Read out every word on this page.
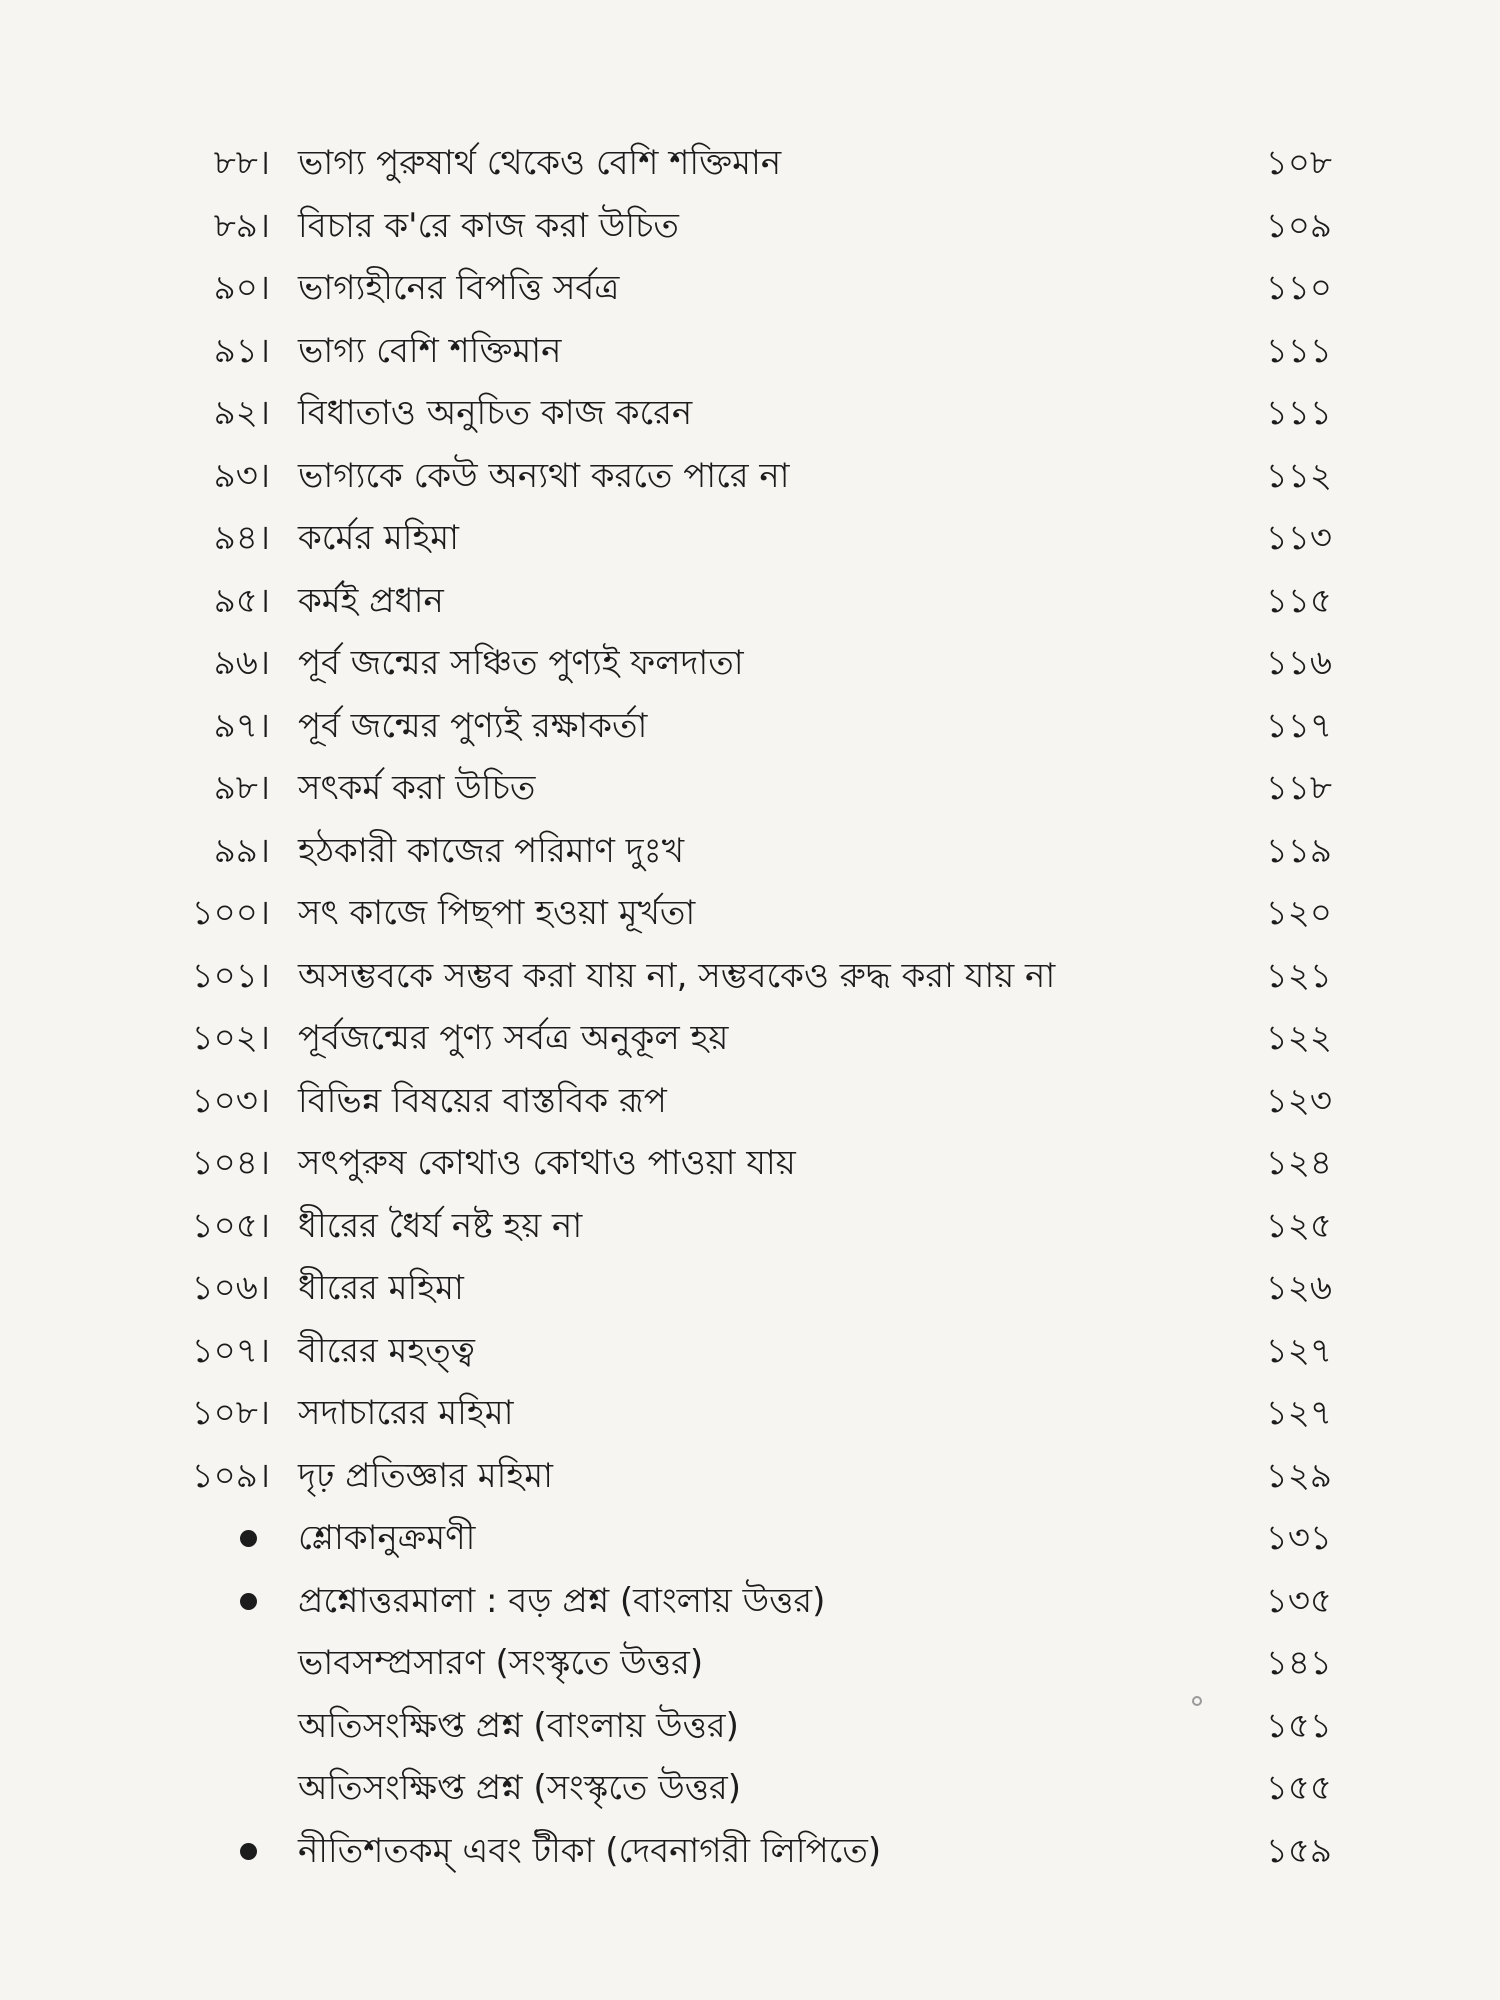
৮৮। ভাগ্য পুরুষার্থ থেকেও বেশি শক্তিমান	১০৮
৮৯। বিচার ক'রে কাজ করা উচিত	১০৯
৯০। ভাগ্যহীনের বিপত্তি সর্বত্র	১১০
৯১। ভাগ্য বেশি শক্তিমান	১১১
৯২। বিধাতাও অনুচিত কাজ করেন	১১১
৯৩। ভাগ্যকে কেউ অন্যথা করতে পারে না	১১২
৯৪। কর্মের মহিমা	১১৩
৯৫। কর্মই প্রধান	১১৫
৯৬। পূর্ব জন্মের সঞ্চিত পুণ্যই ফলদাতা	১১৬
৯৭। পূর্ব জন্মের পুণ্যই রক্ষাকর্তা	১১৭
৯৮। সৎকর্ম করা উচিত	১১৮
৯৯। হঠকারী কাজের পরিমাণ দুঃখ	১১৯
১০০। সৎ কাজে পিছপা হওয়া মূর্খতা	১২০
১০১। অসম্ভবকে সম্ভব করা যায় না, সম্ভবকেও রুদ্ধ করা যায় না	১২১
১০২। পূর্বজন্মের পুণ্য সর্বত্র অনুকূল হয়	১২২
১০৩। বিভিন্ন বিষয়ের বাস্তবিক রূপ	১২৩
১০৪। সৎপুরুষ কোথাও কোথাও পাওয়া যায়	১২৪
১০৫। ধীরের ধৈর্য নষ্ট হয় না	১২৫
১০৬। ধীরের মহিমা	১২৬
১০৭। বীরের মহত্ত্ব	১২৭
১০৮। সদাচারের মহিমা	১২৭
১০৯। দৃঢ় প্রতিজ্ঞার মহিমা	১২৯
শ্লোকানুক্রমণী	১৩১
প্রশ্নোত্তরমালা : বড় প্রশ্ন (বাংলায় উত্তর)	১৩৫
ভাবসম্প্রসারণ (সংস্কৃতে উত্তর)	১৪১
অতিসংক্ষিপ্ত প্রশ্ন (বাংলায় উত্তর)	১৫১
অতিসংক্ষিপ্ত প্রশ্ন (সংস্কৃতে উত্তর)	১৫৫
নীতিশতকম্ এবং টীকা (দেবনাগরী লিপিতে)	১৫৯
